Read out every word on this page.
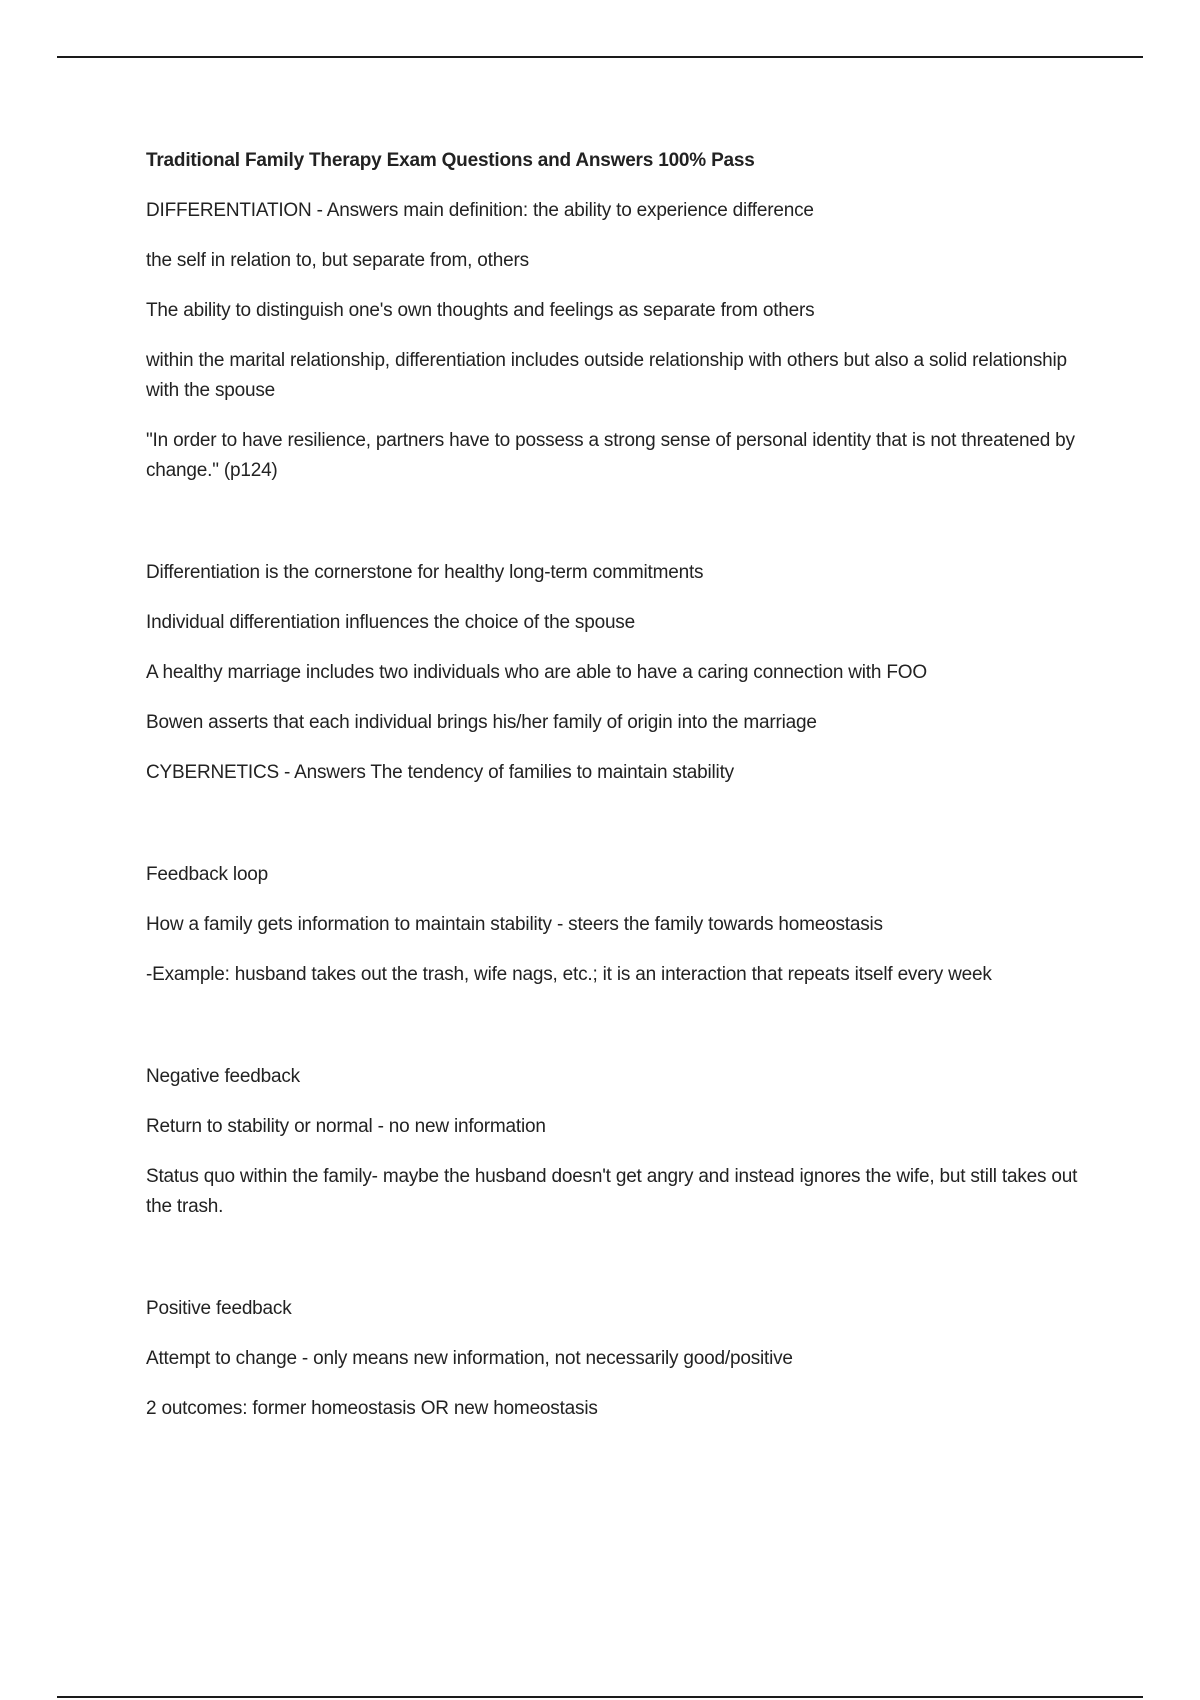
Traditional Family Therapy Exam Questions and Answers 100% Pass

DIFFERENTIATION - Answers main definition: the ability to experience difference

the self in relation to, but separate from, others

The ability to distinguish one's own thoughts and feelings as separate from others

within the marital relationship, differentiation includes outside relationship with others but also a solid relationship with the spouse

"In order to have resilience, partners have to possess a strong sense of personal identity that is not threatened by change." (p124)

Differentiation is the cornerstone for healthy long-term commitments

Individual differentiation influences the choice of the spouse

A healthy marriage includes two individuals who are able to have a caring connection with FOO

Bowen asserts that each individual brings his/her family of origin into the marriage

CYBERNETICS - Answers The tendency of families to maintain stability

Feedback loop

How a family gets information to maintain stability - steers the family towards homeostasis

-Example: husband takes out the trash, wife nags, etc.; it is an interaction that repeats itself every week

Negative feedback

Return to stability or normal - no new information

Status quo within the family- maybe the husband doesn't get angry and instead ignores the wife, but still takes out the trash.

Positive feedback

Attempt to change - only means new information, not necessarily good/positive

2 outcomes: former homeostasis OR new homeostasis
